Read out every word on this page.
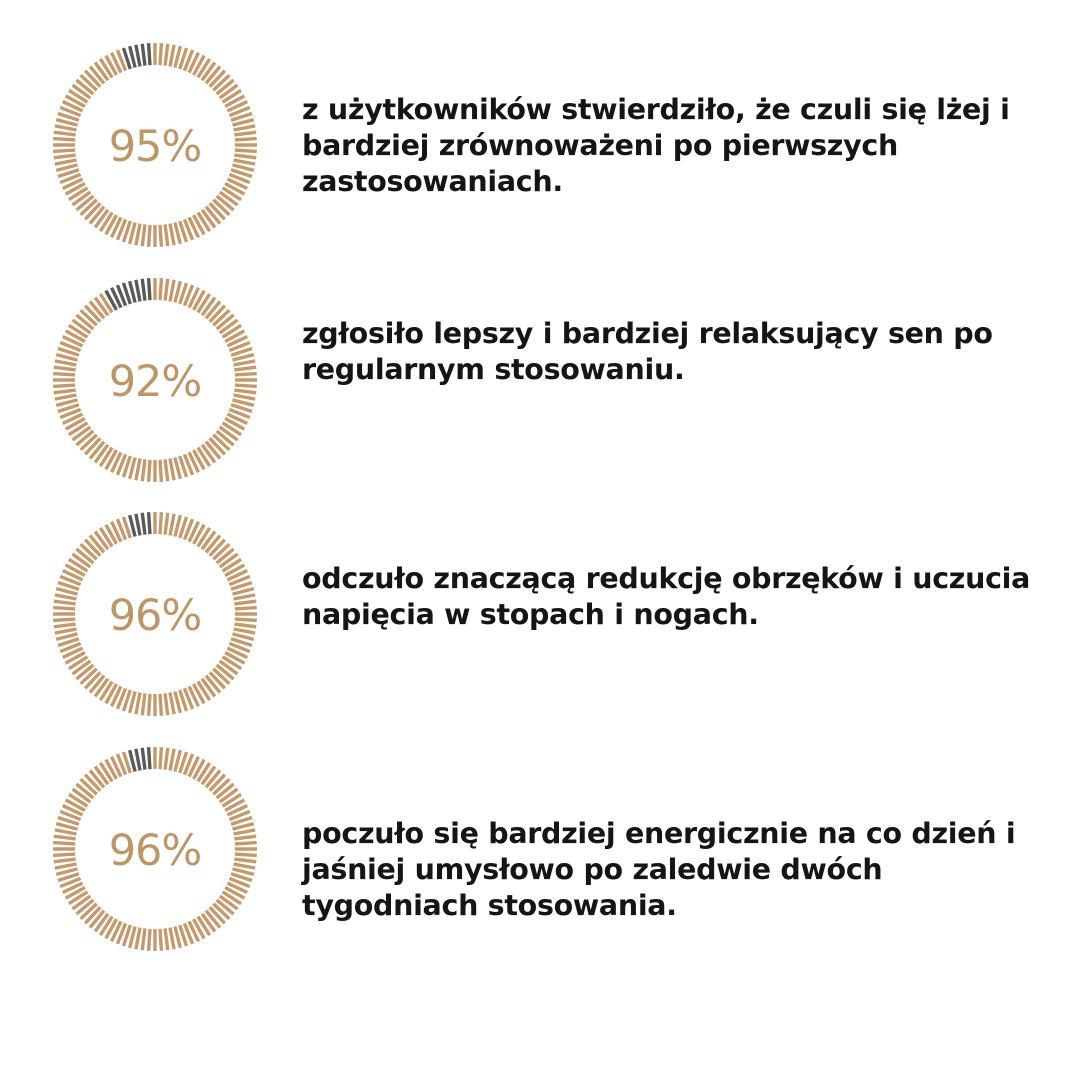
95%

z użytkowników stwierdziło, że czuli się lżej i bardziej zrównoważeni po pierwszych zastosowaniach.

92%

zgłosiło lepszy i bardziej relaksujący sen po regularnym stosowaniu.

96%

odczuło znaczącą redukcję obrzęków i uczucia napięcia w stopach i nogach.

96%	poczuło się bardziej energicznie na co dzień i jaśniej umysłowo po zaledwie dwóch tygodniach stosowania.
